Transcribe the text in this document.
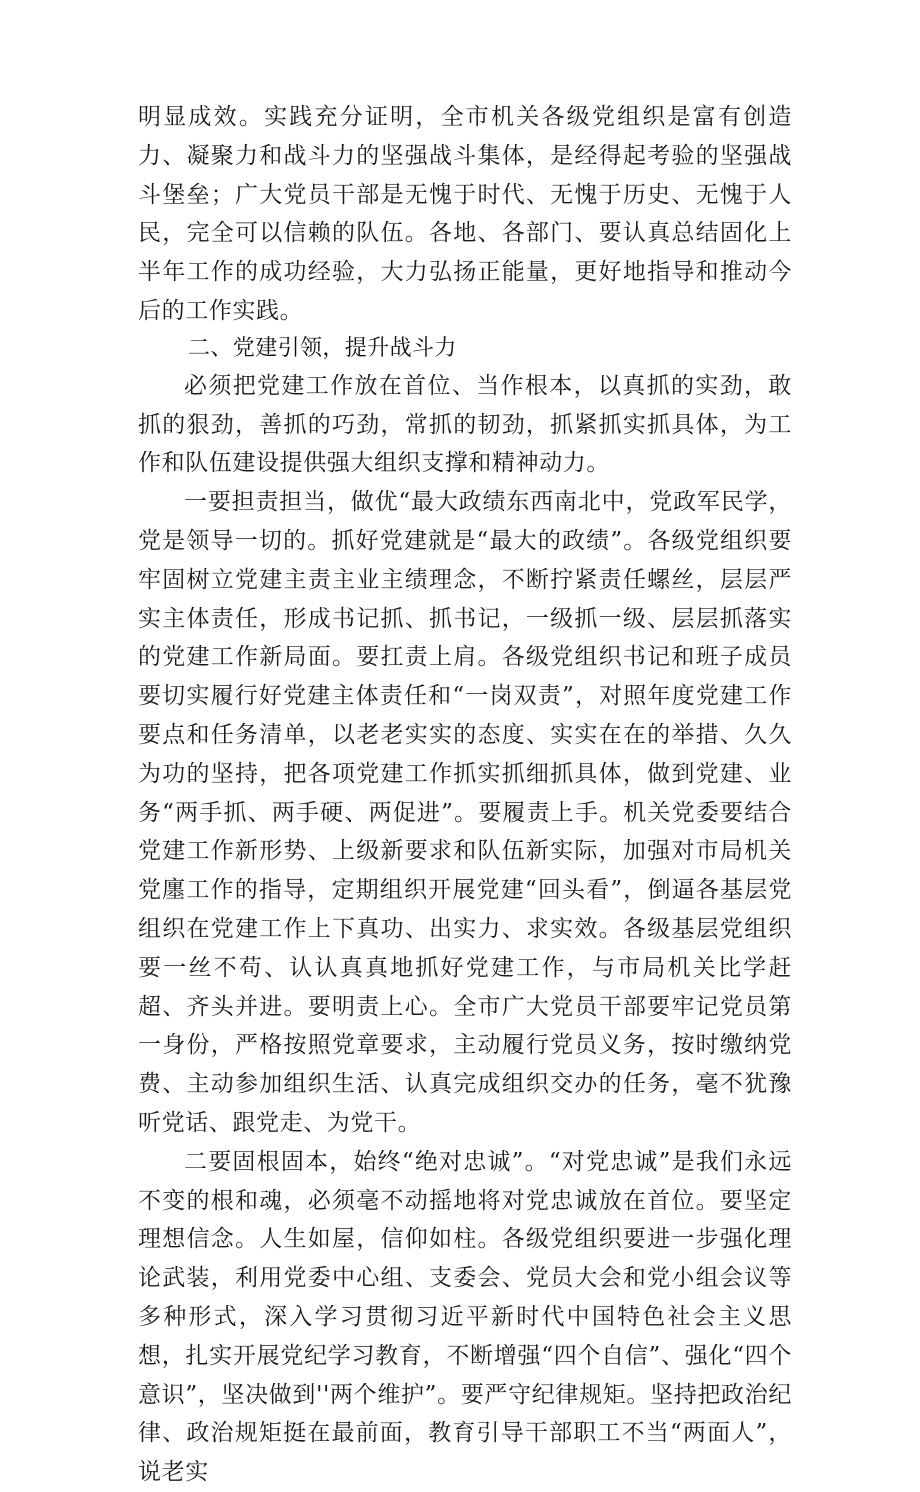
明显成效。实践充分证明，全市机关各级党组织是富有创造力、凝聚力和战斗力的坚强战斗集体，是经得起考验的坚强战斗堡垒；广大党员干部是无愧于时代、无愧于历史、无愧于人民，完全可以信赖的队伍。各地、各部门、要认真总结固化上半年工作的成功经验，大力弘扬正能量，更好地指导和推动今后的工作实践。

二、党建引领，提升战斗力

必须把党建工作放在首位、当作根本，以真抓的实劲，敢抓的狠劲，善抓的巧劲，常抓的韧劲，抓紧抓实抓具体，为工作和队伍建设提供强大组织支撑和精神动力。

一要担责担当，做优“最大政绩东西南北中，党政军民学，党是领导一切的。抓好党建就是“最大的政绩”。各级党组织要牢固树立党建主责主业主绩理念，不断拧紧责任螺丝，层层严实主体责任，形成书记抓、抓书记，一级抓一级、层层抓落实的党建工作新局面。要扛责上肩。各级党组织书记和班子成员要切实履行好党建主体责任和“一岗双责”，对照年度党建工作要点和任务清单，以老老实实的态度、实实在在的举措、久久为功的坚持，把各项党建工作抓实抓细抓具体，做到党建、业务“两手抓、两手硬、两促进”。要履责上手。机关党委要结合党建工作新形势、上级新要求和队伍新实际，加强对市局机关党廛工作的指导，定期组织开展党建“回头看”，倒逼各基层党组织在党建工作上下真功、出实力、求实效。各级基层党组织要一丝不苟、认认真真地抓好党建工作，与市局机关比学赶超、齐头并进。要明责上心。全市广大党员干部要牢记党员第一身份，严格按照党章要求，主动履行党员义务，按时缴纳党费、主动参加组织生活、认真完成组织交办的任务，毫不犹豫听党话、跟党走、为党干。

二要固根固本，始终“绝对忠诚”。“对党忠诚”是我们永远不变的根和魂，必须毫不动摇地将对党忠诚放在首位。要坚定理想信念。人生如屋，信仰如柱。各级党组织要进一步强化理论武装，利用党委中心组、支委会、党员大会和党小组会议等多种形式，深入学习贯彻习近平新时代中国特色社会主义思想，扎实开展党纪学习教育，不断增强“四个自信”、强化“四个意识”，坚决做到''两个维护”。要严守纪律规矩。坚持把政治纪律、政治规矩挺在最前面，教育引导干部职工不当“两面人”，说老实
